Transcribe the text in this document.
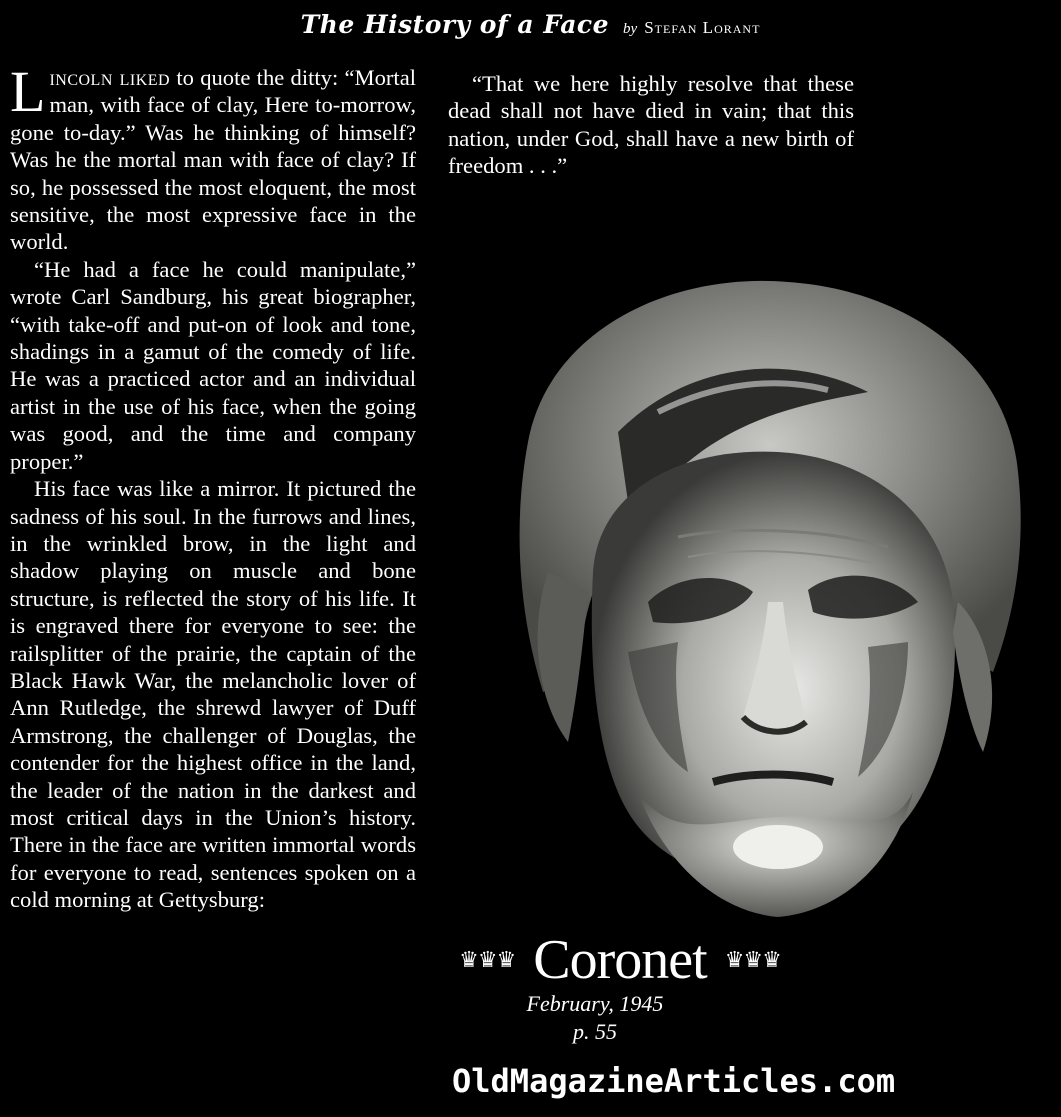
The History of a Face by Stefan Lorant

Lincoln liked to quote the ditty: “Mortal man, with face of clay, Here to-morrow, gone to-day.” Was he thinking of himself? Was he the mortal man with face of clay? If so, he possessed the most eloquent, the most sensitive, the most expressive face in the world.

“He had a face he could manipulate,” wrote Carl Sandburg, his great biographer, “with take-off and put-on of look and tone, shadings in a gamut of the comedy of life. He was a practiced actor and an individual artist in the use of his face, when the going was good, and the time and company proper.”

His face was like a mirror. It pictured the sadness of his soul. In the furrows and lines, in the wrinkled brow, in the light and shadow playing on muscle and bone structure, is reflected the story of his life. It is engraved there for everyone to see: the railsplitter of the prairie, the captain of the Black Hawk War, the melancholic lover of Ann Rutledge, the shrewd lawyer of Duff Armstrong, the challenger of Douglas, the contender for the highest office in the land, the leader of the nation in the darkest and most critical days in the Union’s history. There in the face are written immortal words for everyone to read, sentences spoken on a cold morning at Gettysburg:

“That we here highly resolve that these dead shall not have died in vain; that this nation, under God, shall have a new birth of freedom . . .”
♛♛♛ Coronet ♛♛♛
February, 1945
p. 55
OldMagazineArticles.com
